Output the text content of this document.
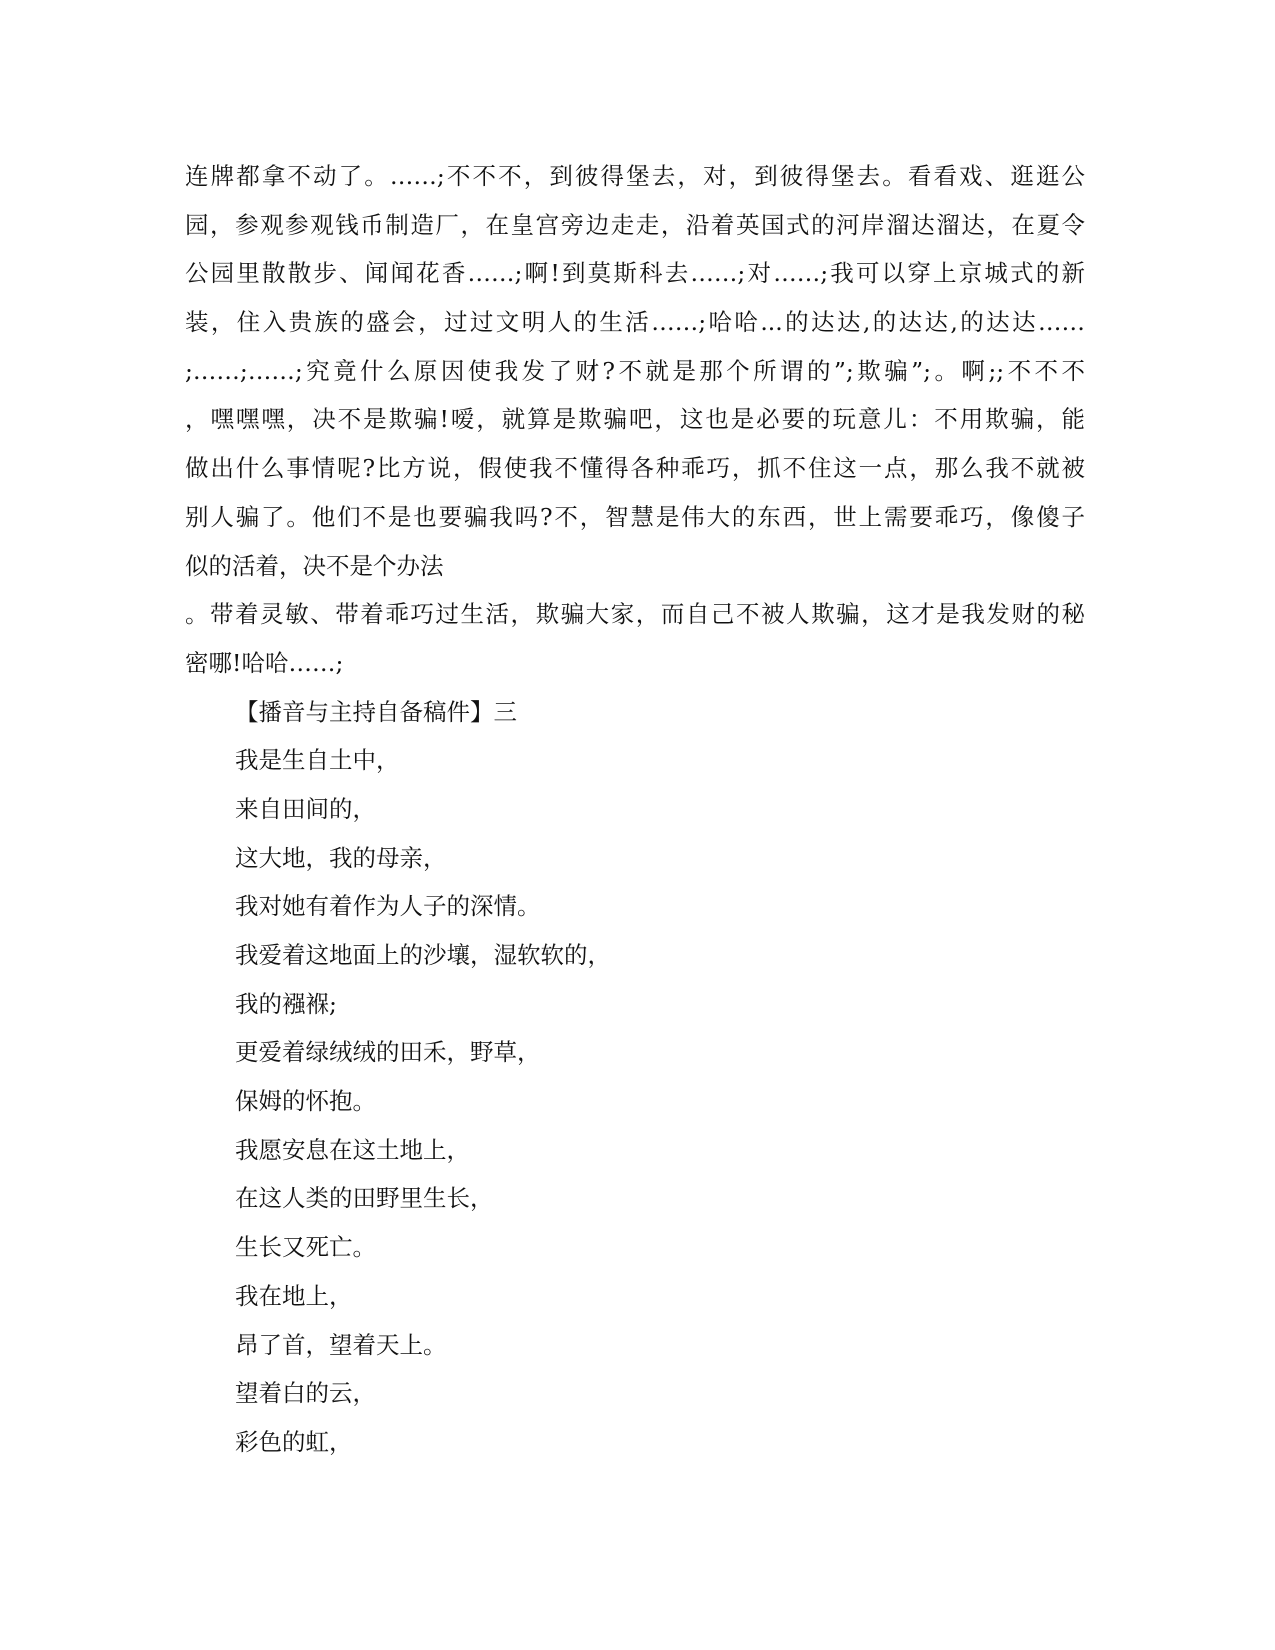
连牌都拿不动了。……;不不不，到彼得堡去，对，到彼得堡去。看看戏、逛逛公
园，参观参观钱币制造厂，在皇宫旁边走走，沿着英国式的河岸溜达溜达，在夏令
公园里散散步、闻闻花香……;啊!到莫斯科去……;对……;我可以穿上京城式的新
装，住入贵族的盛会，过过文明人的生活……;哈哈...的达达,的达达,的达达……
;……;……;究竟什么原因使我发了财?不就是那个所谓的”;欺骗”;。啊;;不不不
，嘿嘿嘿，决不是欺骗!嗳，就算是欺骗吧，这也是必要的玩意儿：不用欺骗，能
做出什么事情呢?比方说，假使我不懂得各种乖巧，抓不住这一点，那么我不就被
别人骗了。他们不是也要骗我吗?不，智慧是伟大的东西，世上需要乖巧，像傻子
似的活着，决不是个办法
。带着灵敏、带着乖巧过生活，欺骗大家，而自己不被人欺骗，这才是我发财的秘
密哪!哈哈……;
【播音与主持自备稿件】三
我是生自土中，
来自田间的，
这大地，我的母亲，
我对她有着作为人子的深情。
我爱着这地面上的沙壤，湿软软的，
我的襁褓;
更爱着绿绒绒的田禾，野草，
保姆的怀抱。
我愿安息在这土地上，
在这人类的田野里生长，
生长又死亡。
我在地上，
昂了首，望着天上。
望着白的云，
彩色的虹，
